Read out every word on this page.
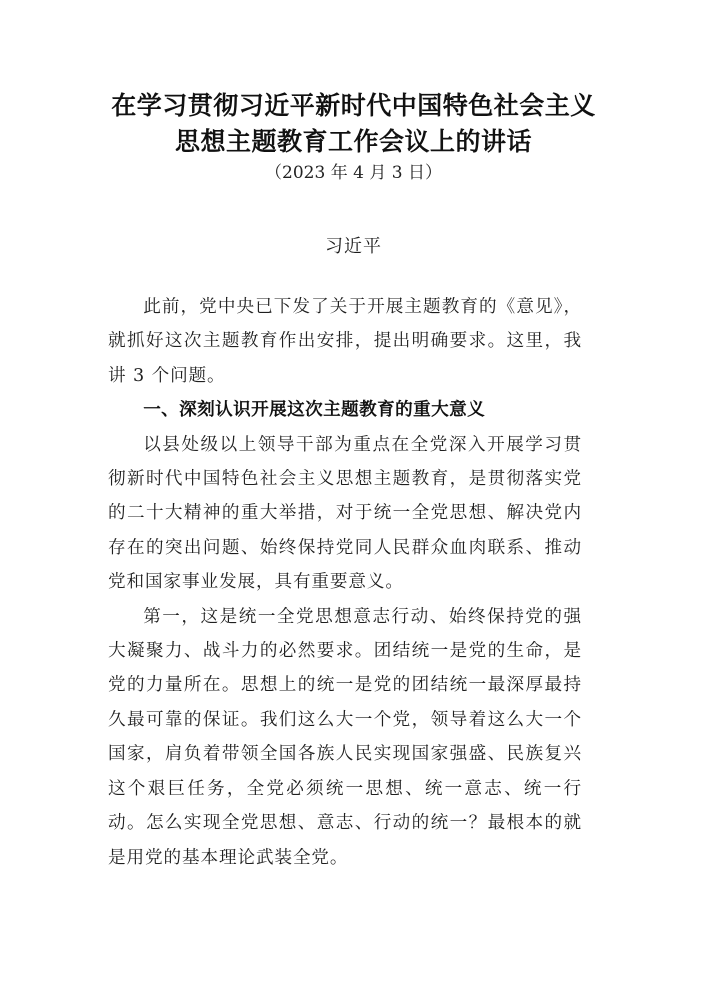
在学习贯彻习近平新时代中国特色社会主义思想主题教育工作会议上的讲话
（2023 年 4 月 3 日）
习近平

此前，党中央已下发了关于开展主题教育的《意见》，就抓好这次主题教育作出安排，提出明确要求。这里，我讲 3 个问题。

一、深刻认识开展这次主题教育的重大意义

以县处级以上领导干部为重点在全党深入开展学习贯彻新时代中国特色社会主义思想主题教育，是贯彻落实党的二十大精神的重大举措，对于统一全党思想、解决党内存在的突出问题、始终保持党同人民群众血肉联系、推动党和国家事业发展，具有重要意义。

第一，这是统一全党思想意志行动、始终保持党的强大凝聚力、战斗力的必然要求。团结统一是党的生命，是党的力量所在。思想上的统一是党的团结统一最深厚最持久最可靠的保证。我们这么大一个党，领导着这么大一个国家，肩负着带领全国各族人民实现国家强盛、民族复兴这个艰巨任务，全党必须统一思想、统一意志、统一行动。怎么实现全党思想、意志、行动的统一？最根本的就是用党的基本理论武装全党。
